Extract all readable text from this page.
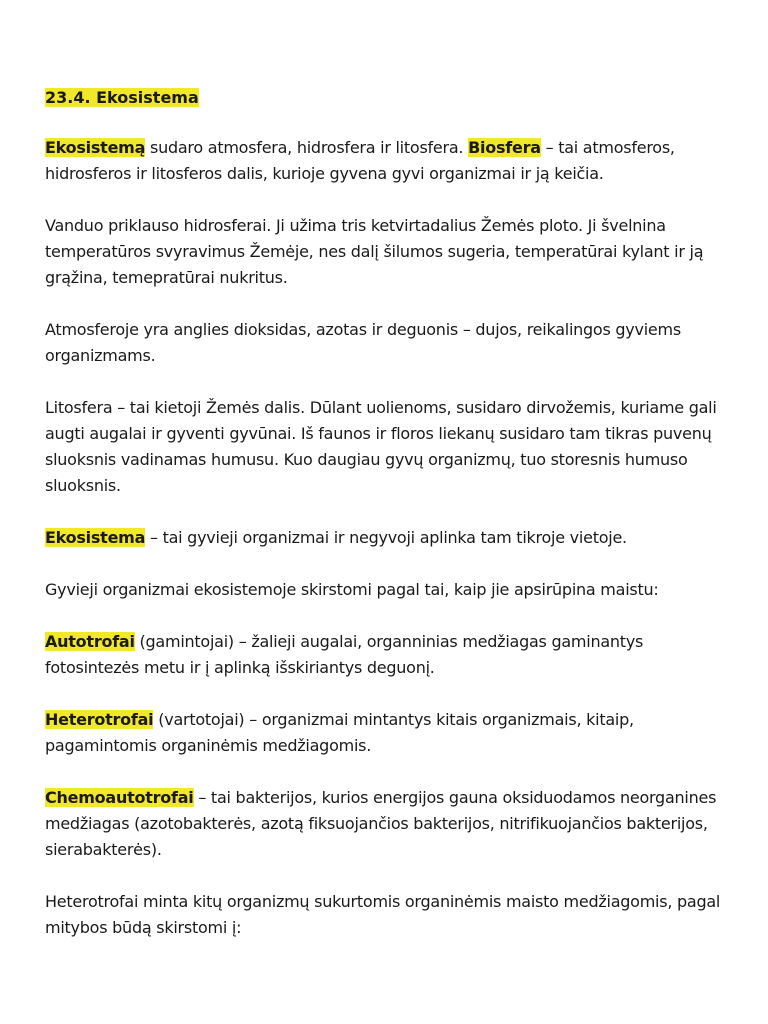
23.4. Ekosistema

Ekosistemą sudaro atmosfera, hidrosfera ir litosfera. Biosfera – tai atmosferos, hidrosferos ir litosferos dalis, kurioje gyvena gyvi organizmai ir ją keičia.

Vanduo priklauso hidrosferai. Ji užima tris ketvirtadalius Žemės ploto. Ji švelnina temperatūros svyravimus Žemėje, nes dalį šilumos sugeria, temperatūrai kylant ir ją grąžina, temepratūrai nukritus.

Atmosferoje yra anglies dioksidas, azotas ir deguonis – dujos, reikalingos gyviems organizmams.

Litosfera – tai kietoji Žemės dalis. Dūlant uolienoms, susidaro dirvožemis, kuriame gali augti augalai ir gyventi gyvūnai. Iš faunos ir floros liekanų susidaro tam tikras puvenų sluoksnis vadinamas humusu. Kuo daugiau gyvų organizmų, tuo storesnis humuso sluoksnis.

Ekosistema – tai gyvieji organizmai ir negyvoji aplinka tam tikroje vietoje.

Gyvieji organizmai ekosistemoje skirstomi pagal tai, kaip jie apsirūpina maistu:

Autotrofai (gamintojai) – žalieji augalai, organninias medžiagas gaminantys fotosintezės metu ir į aplinką išskiriantys deguonį.

Heterotrofai (vartotojai) – organizmai mintantys kitais organizmais, kitaip, pagamintomis organinėmis medžiagomis.

Chemoautotrofai – tai bakterijos, kurios energijos gauna oksiduodamos neorganines medžiagas (azotobakterės, azotą fiksuojančios bakterijos, nitrifikuojančios bakterijos, sierabakterės).

Heterotrofai minta kitų organizmų sukurtomis organinėmis maisto medžiagomis, pagal mitybos būdą skirstomi į:
